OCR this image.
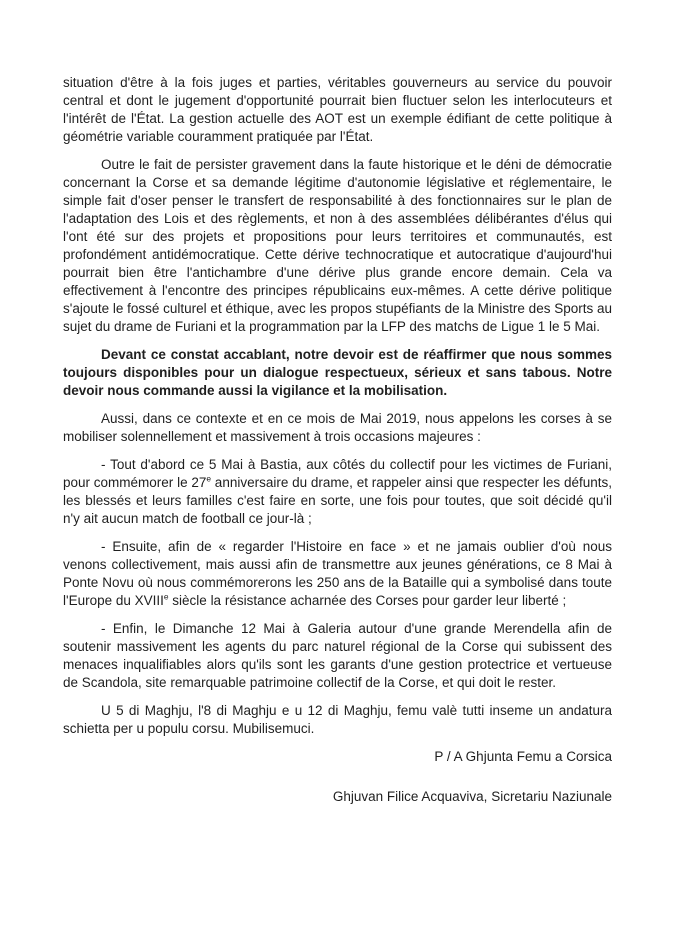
situation d'être à la fois juges et parties, véritables gouverneurs au service du pouvoir central et dont le jugement d'opportunité pourrait bien fluctuer selon les interlocuteurs et l'intérêt de l'État. La gestion actuelle des AOT est un exemple édifiant de cette politique à géométrie variable couramment pratiquée par l'État.

Outre le fait de persister gravement dans la faute historique et le déni de démocratie concernant la Corse et sa demande légitime d'autonomie législative et réglementaire, le simple fait d'oser penser le transfert de responsabilité à des fonctionnaires sur le plan de l'adaptation des Lois et des règlements, et non à des assemblées délibérantes d'élus qui l'ont été sur des projets et propositions pour leurs territoires et communautés, est profondément antidémocratique. Cette dérive technocratique et autocratique d'aujourd'hui pourrait bien être l'antichambre d'une dérive plus grande encore demain. Cela va effectivement à l'encontre des principes républicains eux-mêmes. A cette dérive politique s'ajoute le fossé culturel et éthique, avec les propos stupéfiants de la Ministre des Sports au sujet du drame de Furiani et la programmation par la LFP des matchs de Ligue 1 le 5 Mai.

Devant ce constat accablant, notre devoir est de réaffirmer que nous sommes toujours disponibles pour un dialogue respectueux, sérieux et sans tabous. Notre devoir nous commande aussi la vigilance et la mobilisation.

Aussi, dans ce contexte et en ce mois de Mai 2019, nous appelons les corses à se mobiliser solennellement et massivement à trois occasions majeures :

- Tout d'abord ce 5 Mai à Bastia, aux côtés du collectif pour les victimes de Furiani, pour commémorer le 27e anniversaire du drame, et rappeler ainsi que respecter les défunts, les blessés et leurs familles c'est faire en sorte, une fois pour toutes, que soit décidé qu'il n'y ait aucun match de football ce jour-là ;

- Ensuite, afin de « regarder l'Histoire en face » et ne jamais oublier d'où nous venons collectivement, mais aussi afin de transmettre aux jeunes générations, ce 8 Mai à Ponte Novu où nous commémorerons les 250 ans de la Bataille qui a symbolisé dans toute l'Europe du XVIIIe siècle la résistance acharnée des Corses pour garder leur liberté ;

- Enfin, le Dimanche 12 Mai à Galeria autour d'une grande Merendella afin de soutenir massivement les agents du parc naturel régional de la Corse qui subissent des menaces inqualifiables alors qu'ils sont les garants d'une gestion protectrice et vertueuse de Scandola, site remarquable patrimoine collectif de la Corse, et qui doit le rester.

U 5 di Maghju, l'8 di Maghju e u 12 di Maghju, femu valè tutti inseme un andatura schietta per u populu corsu. Mubilisemuci.

P / A Ghjunta Femu a Corsica

Ghjuvan Filice Acquaviva, Sicretariu Naziunale
